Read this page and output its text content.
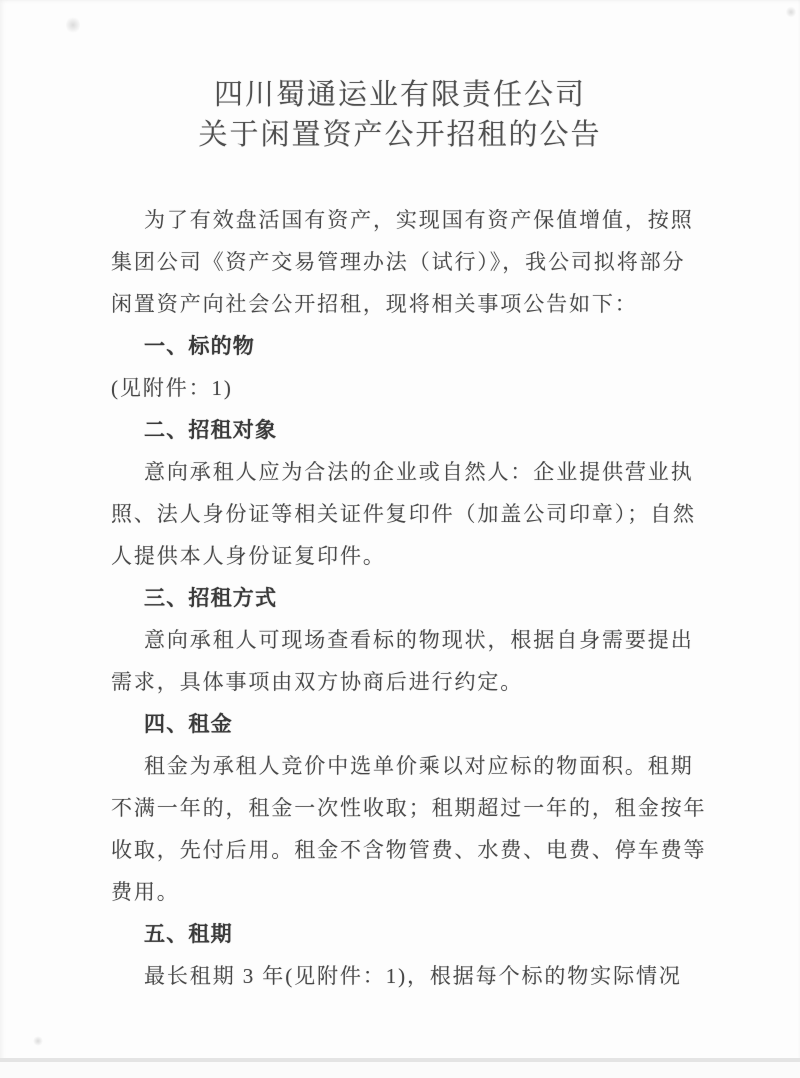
四川蜀通运业有限责任公司
关于闲置资产公开招租的公告
为了有效盘活国有资产，实现国有资产保值增值，按照
集团公司《资产交易管理办法（试行）》，我公司拟将部分
闲置资产向社会公开招租，现将相关事项公告如下：
一、标的物
(见附件：1)
二、招租对象
意向承租人应为合法的企业或自然人：企业提供营业执
照、法人身份证等相关证件复印件（加盖公司印章）；自然
人提供本人身份证复印件。
三、招租方式
意向承租人可现场查看标的物现状，根据自身需要提出
需求，具体事项由双方协商后进行约定。
四、租金
租金为承租人竞价中选单价乘以对应标的物面积。租期
不满一年的，租金一次性收取；租期超过一年的，租金按年
收取，先付后用。租金不含物管费、水费、电费、停车费等
费用。
五、租期
最长租期 3 年(见附件：1)，根据每个标的物实际情况
